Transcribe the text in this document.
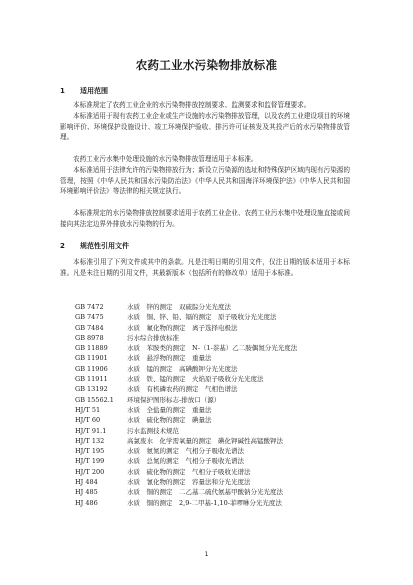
农药工业水污染物排放标准
1 适用范围
本标准规定了农药工业企业的水污染物排放控制要求、监测要求和监督管理要求。
本标准适用于现有农药工业企业或生产设施的水污染物排放管理，以及农药工业建设项目的环境影响评价、环境保护设施设计、竣工环境保护验收、排污许可证核发及其投产后的水污染物排放管理。
农药工业污水集中处理设施的水污染物排放管理适用于本标准。
本标准适用于法律允许的污染物排放行为；新设立污染源的选址和特殊保护区域内现有污染源的管理，按照《中华人民共和国水污染防治法》《中华人民共和国海洋环境保护法》《中华人民共和国环境影响评价法》等法律的相关规定执行。
本标准规定的水污染物排放控制要求适用于农药工业企业、农药工业污水集中处理设施直接或间接向其法定边界外排放水污染物的行为。
2 规范性引用文件
本标准引用了下列文件或其中的条款。凡是注明日期的引用文件，仅注日期的版本适用于本标准。凡是未注日期的引用文件，其最新版本（包括所有的修改单）适用于本标准。
GB 7472	水质　锌的测定　双硫腙分光光度法
GB 7475	水质　铜、锌、铅、镉的测定　原子吸收分光光度法
GB 7484	水质　氟化物的测定　离子选择电极法
GB 8978	污水综合排放标准
GB 11889	水质　苯胺类的测定　N-（1-萘基）乙二胺偶氮分光光度法
GB 11901	水质　悬浮物的测定　重量法
GB 11906	水质　锰的测定　高碘酸钾分光光度法
GB 11911	水质　铁、锰的测定　火焰原子吸收分光光度法
GB 13192	水质　有机磷农药的测定　气相色谱法
GB 15562.1	环境保护图形标志-排放口（源）
HJ/T 51	水质　全盐量的测定　重量法
HJ/T 60	水质　硫化物的测定　碘量法
HJ/T 91.1	污水监测技术规范
HJ/T 132	高氯废水　化学需氧量的测定　碘化钾碱性高锰酸钾法
HJ/T 195	水质　氨氮的测定　气相分子吸收光谱法
HJ/T 199	水质　总氮的测定　气相分子吸收光谱法
HJ/T 200	水质　硫化物的测定　气相分子吸收光谱法
HJ 484	水质　氰化物的测定　容量法和分光光度法
HJ 485	水质　铜的测定　二乙基二硫代氨基甲酸钠分光光度法
HJ 486	水质　铜的测定　2,9-二甲基-1,10-菲啰啉分光光度法
1
